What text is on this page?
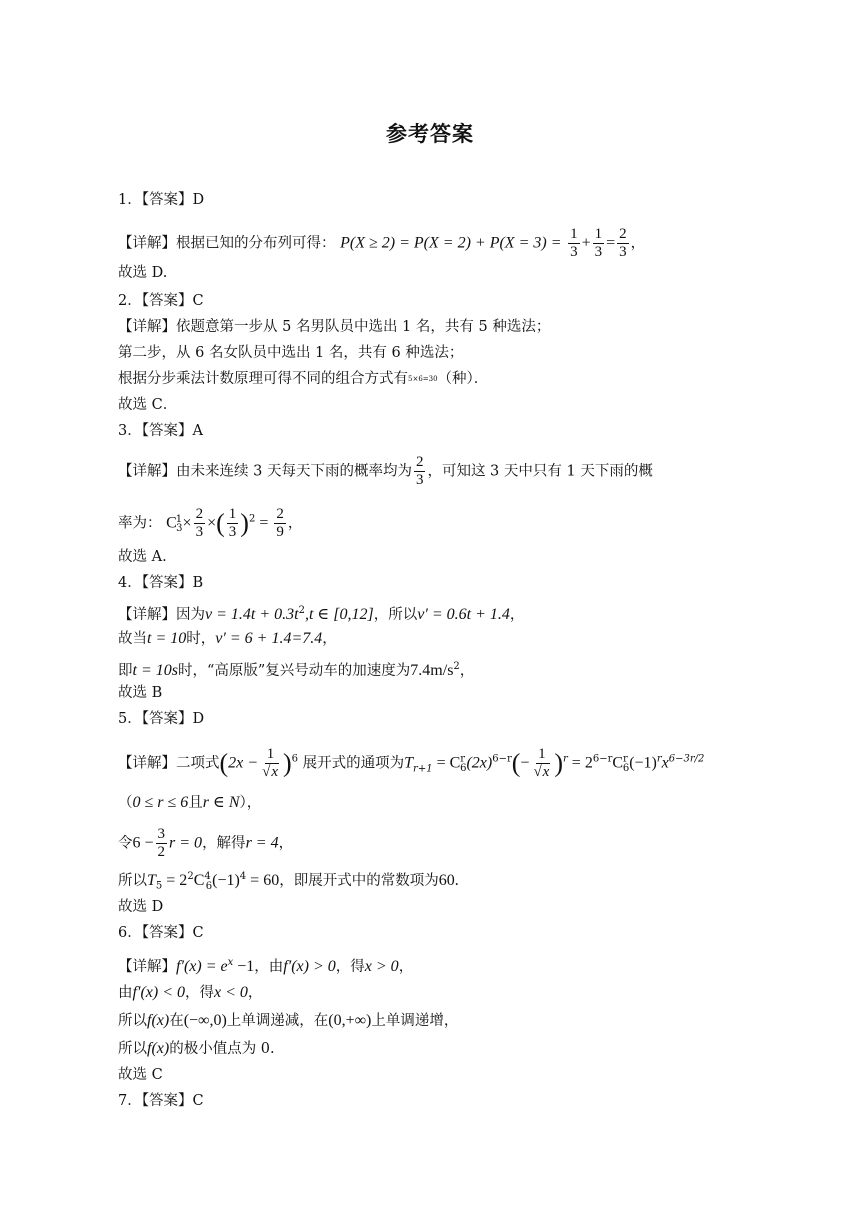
参考答案
1．【答案】D
【详解】根据已知的分布列可得： $P(X \ge 2) = P(X = 2) + P(X = 3) = \frac{1}{3} + \frac{1}{3} = \frac{2}{3}$ ，
故选 D.
2．【答案】C
【详解】依题意第一步从 5 名男队员中选出 1 名，共有 5 种选法；
第二步，从 6 名女队员中选出 1 名，共有 6 种选法；
根据分步乘法计数原理可得不同的组合方式有5×6=30（种）．
故选 C．
3．【答案】A
【详解】由未来连续 3 天每天下雨的概率均为 $\frac{2}{3}$ ，可知这 3 天中只有 1 天下雨的概
率为： $C^1_3\times \frac{2}{3}$ ×( $\frac{1}{3} )^2 = \frac{2}{9}$ ，
故选 A.
4．【答案】B
【详解】因为$v = 1.4t + 0.3t^2,t$ ∈ [0,12]，所以v′ = 0.6t + 1.4，
故当t = 10时，v′ = 6 + 1.4=7.4，
即t = 10s时，“高原版”复兴号动车的加速度为$7.4m/s^2$，
故选 B
5．【答案】D
【详解】二项式$(2x - \frac{1}{√x} )^6$ 展开式的通项为$T_{r+1} = C^r_6(2x)^{6-r}(- \frac{1}{√x} )^r = 2^{6-r}C^r_6(-1)^rx^{6-3r/2}$
（0 ≤ r ≤ 6且r ∈ N），
令$6 - \frac{3}{2}$ r = 0，解得r = 4，
所以$T_5 = 2^2C^4_6(-1)^4 = 60$，即展开式中的常数项为60.
故选 D
6．【答案】C
【详解】$f'(x) = e^x -1$，由f′(x) > 0，得x > 0，
由f′(x) < 0，得x < 0，
所以f(x)在(−∞,0)上单调递减，在(0,+∞)上单调递增，
所以f(x)的极小值点为 0.
故选 C
7．【答案】C
